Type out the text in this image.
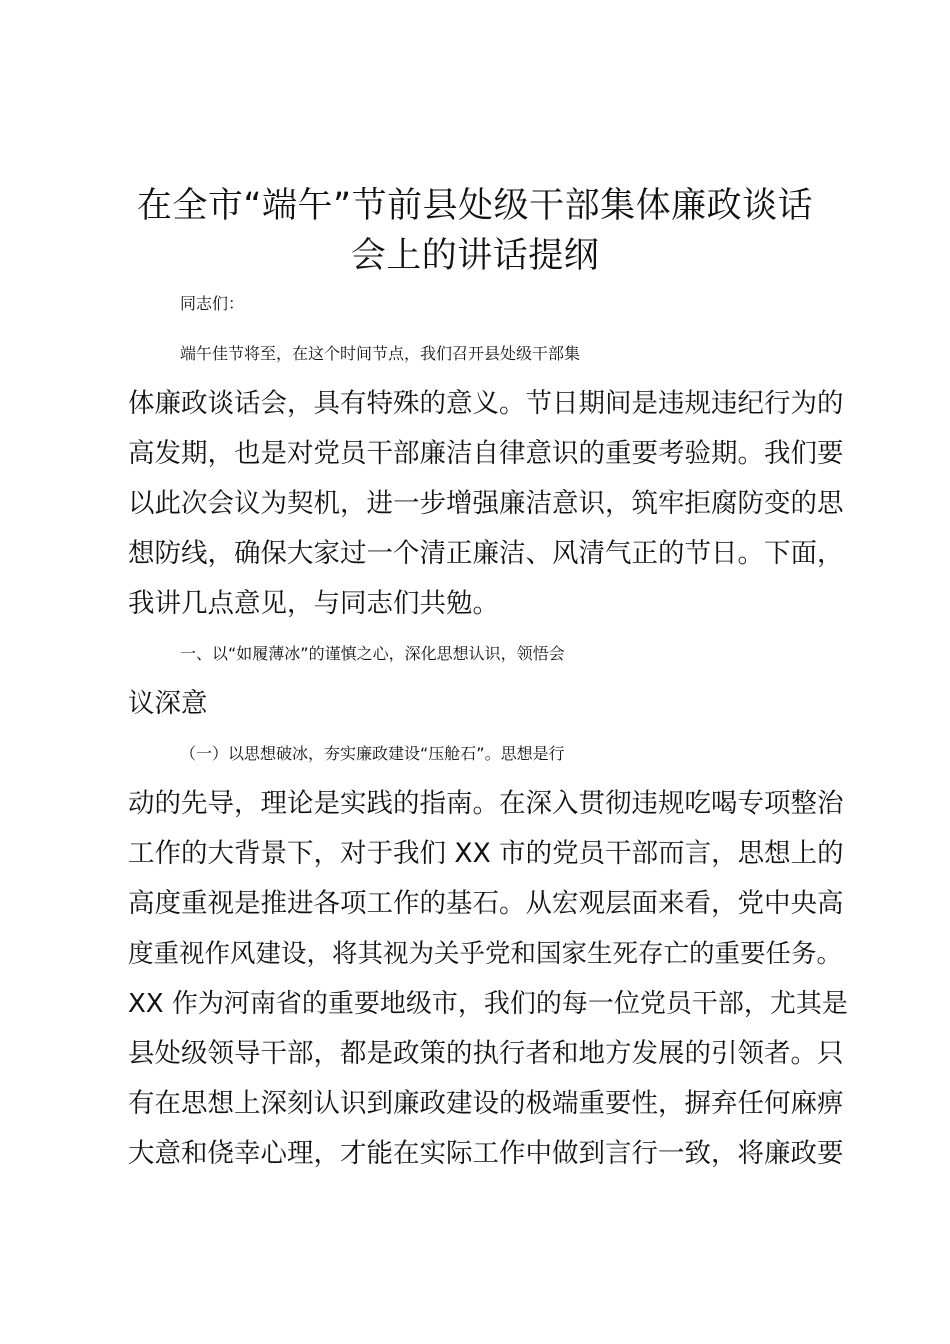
在全市“端午”节前县处级干部集体廉政谈话
会上的讲话提纲

同志们：

端午佳节将至，在这个时间节点，我们召开县处级干部集

体廉政谈话会，具有特殊的意义。节日期间是违规违纪行为的

高发期，也是对党员干部廉洁自律意识的重要考验期。我们要

以此次会议为契机，进一步增强廉洁意识，筑牢拒腐防变的思

想防线，确保大家过一个清正廉洁、风清气正的节日。下面，

我讲几点意见，与同志们共勉。

一、以“如履薄冰”的谨慎之心，深化思想认识，领悟会

议深意

（一）以思想破冰，夯实廉政建设“压舱石”。思想是行

动的先导，理论是实践的指南。在深入贯彻违规吃喝专项整治

工作的大背景下，对于我们 XX 市的党员干部而言，思想上的

高度重视是推进各项工作的基石。从宏观层面来看，党中央高

度重视作风建设，将其视为关乎党和国家生死存亡的重要任务。

XX 作为河南省的重要地级市，我们的每一位党员干部，尤其是

县处级领导干部，都是政策的执行者和地方发展的引领者。只

有在思想上深刻认识到廉政建设的极端重要性，摒弃任何麻痹

大意和侥幸心理，才能在实际工作中做到言行一致，将廉政要
